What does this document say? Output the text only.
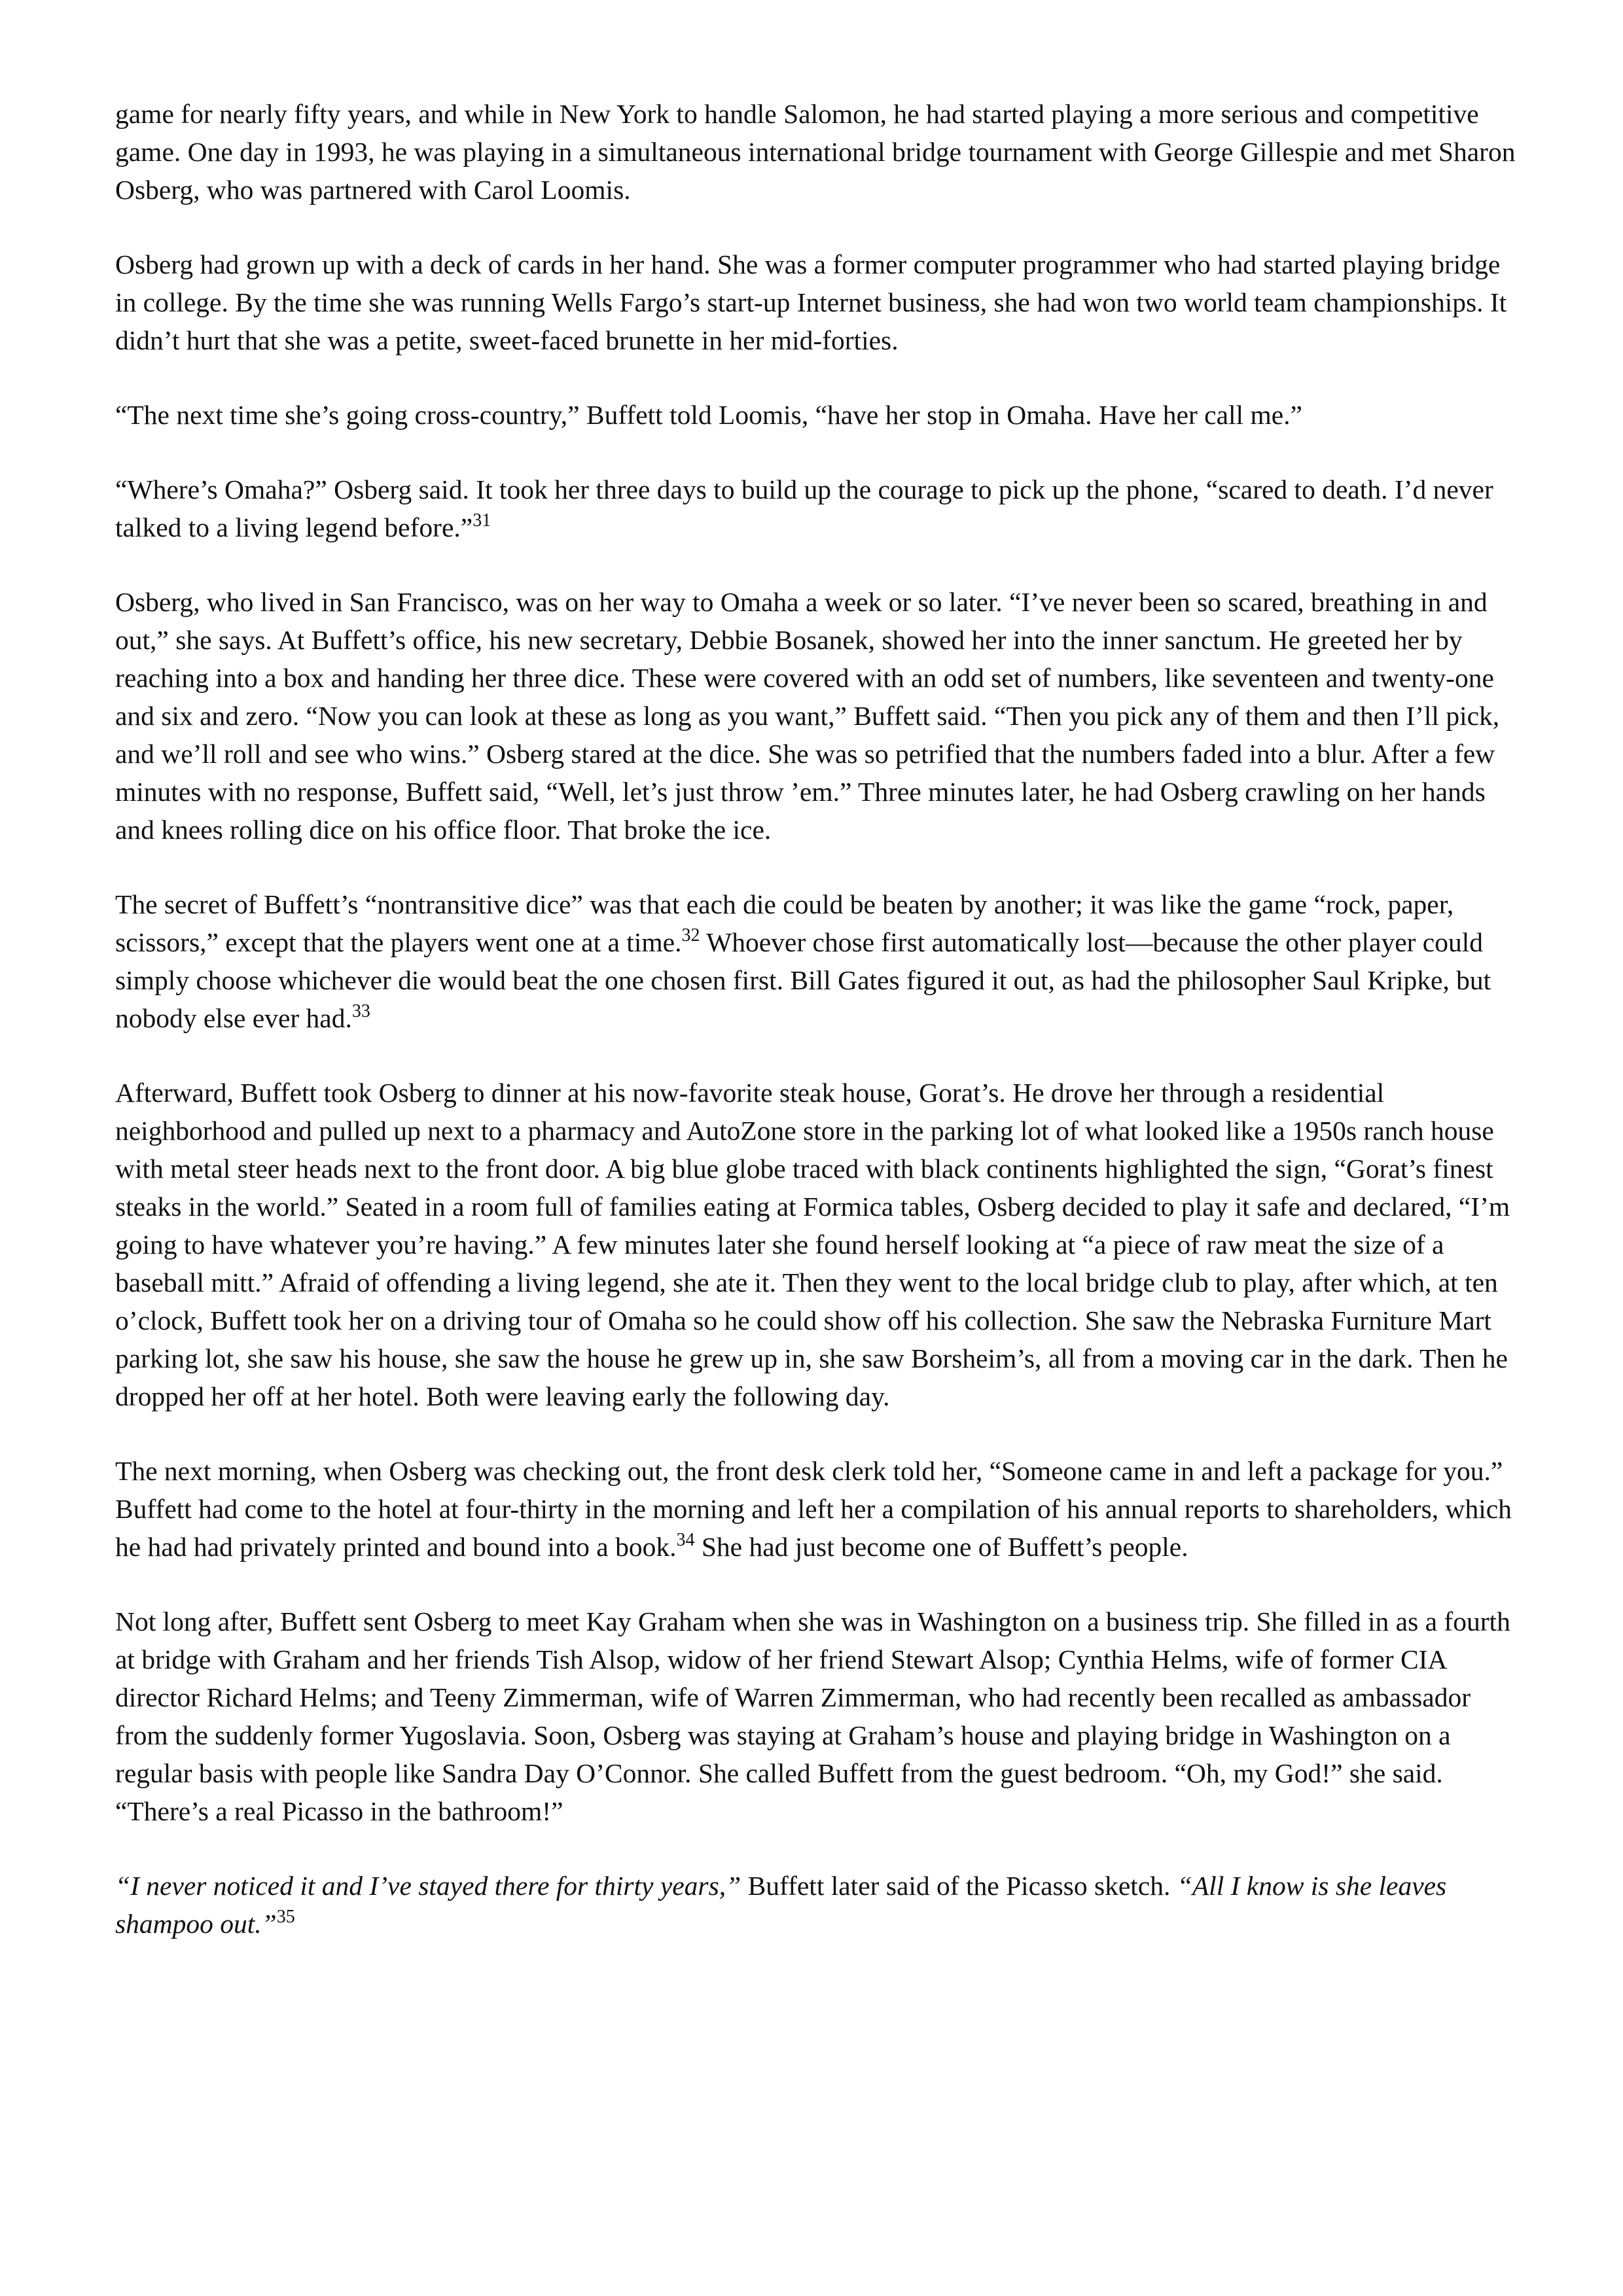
game for nearly fifty years, and while in New York to handle Salomon, he had started playing a more serious and competitive game. One day in 1993, he was playing in a simultaneous international bridge tournament with George Gillespie and met Sharon Osberg, who was partnered with Carol Loomis.

Osberg had grown up with a deck of cards in her hand. She was a former computer programmer who had started playing bridge in college. By the time she was running Wells Fargo’s start-up Internet business, she had won two world team championships. It didn’t hurt that she was a petite, sweet-faced brunette in her mid-forties.

“The next time she’s going cross-country,” Buffett told Loomis, “have her stop in Omaha. Have her call me.”

“Where’s Omaha?” Osberg said. It took her three days to build up the courage to pick up the phone, “scared to death. I’d never talked to a living legend before.”$^{31}$

Osberg, who lived in San Francisco, was on her way to Omaha a week or so later. “I’ve never been so scared, breathing in and out,” she says. At Buffett’s office, his new secretary, Debbie Bosanek, showed her into the inner sanctum. He greeted her by reaching into a box and handing her three dice. These were covered with an odd set of numbers, like seventeen and twenty-one and six and zero. “Now you can look at these as long as you want,” Buffett said. “Then you pick any of them and then I’ll pick, and we’ll roll and see who wins.” Osberg stared at the dice. She was so petrified that the numbers faded into a blur. After a few minutes with no response, Buffett said, “Well, let’s just throw ’em.” Three minutes later, he had Osberg crawling on her hands and knees rolling dice on his office floor. That broke the ice.

The secret of Buffett’s “nontransitive dice” was that each die could be beaten by another; it was like the game “rock, paper, scissors,” except that the players went one at a time.$^{32}$ Whoever chose first automatically lost—because the other player could simply choose whichever die would beat the one chosen first. Bill Gates figured it out, as had the philosopher Saul Kripke, but nobody else ever had.$^{33}$

Afterward, Buffett took Osberg to dinner at his now-favorite steak house, Gorat’s. He drove her through a residential neighborhood and pulled up next to a pharmacy and AutoZone store in the parking lot of what looked like a 1950s ranch house with metal steer heads next to the front door. A big blue globe traced with black continents highlighted the sign, “Gorat’s finest steaks in the world.” Seated in a room full of families eating at Formica tables, Osberg decided to play it safe and declared, “I’m going to have whatever you’re having.” A few minutes later she found herself looking at “a piece of raw meat the size of a baseball mitt.” Afraid of offending a living legend, she ate it. Then they went to the local bridge club to play, after which, at ten o’clock, Buffett took her on a driving tour of Omaha so he could show off his collection. She saw the Nebraska Furniture Mart parking lot, she saw his house, she saw the house he grew up in, she saw Borsheim’s, all from a moving car in the dark. Then he dropped her off at her hotel. Both were leaving early the following day.

The next morning, when Osberg was checking out, the front desk clerk told her, “Someone came in and left a package for you.” Buffett had come to the hotel at four-thirty in the morning and left her a compilation of his annual reports to shareholders, which he had had privately printed and bound into a book.$^{34}$ She had just become one of Buffett’s people.

Not long after, Buffett sent Osberg to meet Kay Graham when she was in Washington on a business trip. She filled in as a fourth at bridge with Graham and her friends Tish Alsop, widow of her friend Stewart Alsop; Cynthia Helms, wife of former CIA director Richard Helms; and Teeny Zimmerman, wife of Warren Zimmerman, who had recently been recalled as ambassador from the suddenly former Yugoslavia. Soon, Osberg was staying at Graham’s house and playing bridge in Washington on a regular basis with people like Sandra Day O’Connor. She called Buffett from the guest bedroom. “Oh, my God!” she said. “There’s a real Picasso in the bathroom!”

“I never noticed it and I’ve stayed there for thirty years,” Buffett later said of the Picasso sketch. “All I know is she leaves shampoo out.”$^{35}$
